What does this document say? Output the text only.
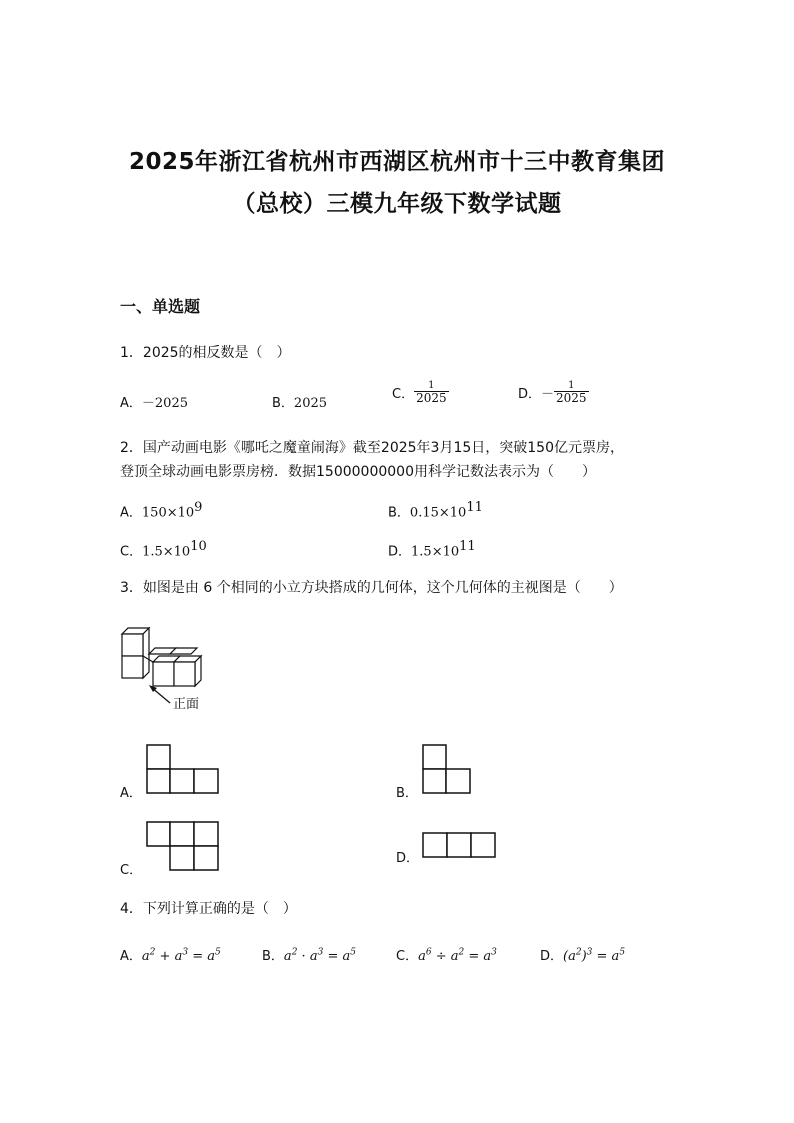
2025年浙江省杭州市西湖区杭州市十三中教育集团
（总校）三模九年级下数学试题
一、单选题
1．2025的相反数是（　）
A．－2025	B．2025
C． $\frac{1}{2025}$	D．－ $\frac{1}{2025}$
2．国产动画电影《哪吒之魔童闹海》截至2025年3月15日，突破150亿元票房，
登顶全球动画电影票房榜．数据15000000000用科学记数法表示为（　　）
A．$150\times 10^9$	B．$0.15\times 10^{11}$
C．$1.5\times 10^{10}$	D．$1.5\times 10^{11}$
3．如图是由 6 个相同的小立方块搭成的几何体，这个几何体的主视图是（　　）
正面
A．	B．
C．
D．
4．下列计算正确的是（　）
A．$a^2 + a^3 = a^5$	B．$a^2 \cdot a^3 = a^5$	C．$a^6 \div a^2 = a^3$	D．$(a^2)^3 = a^5$
